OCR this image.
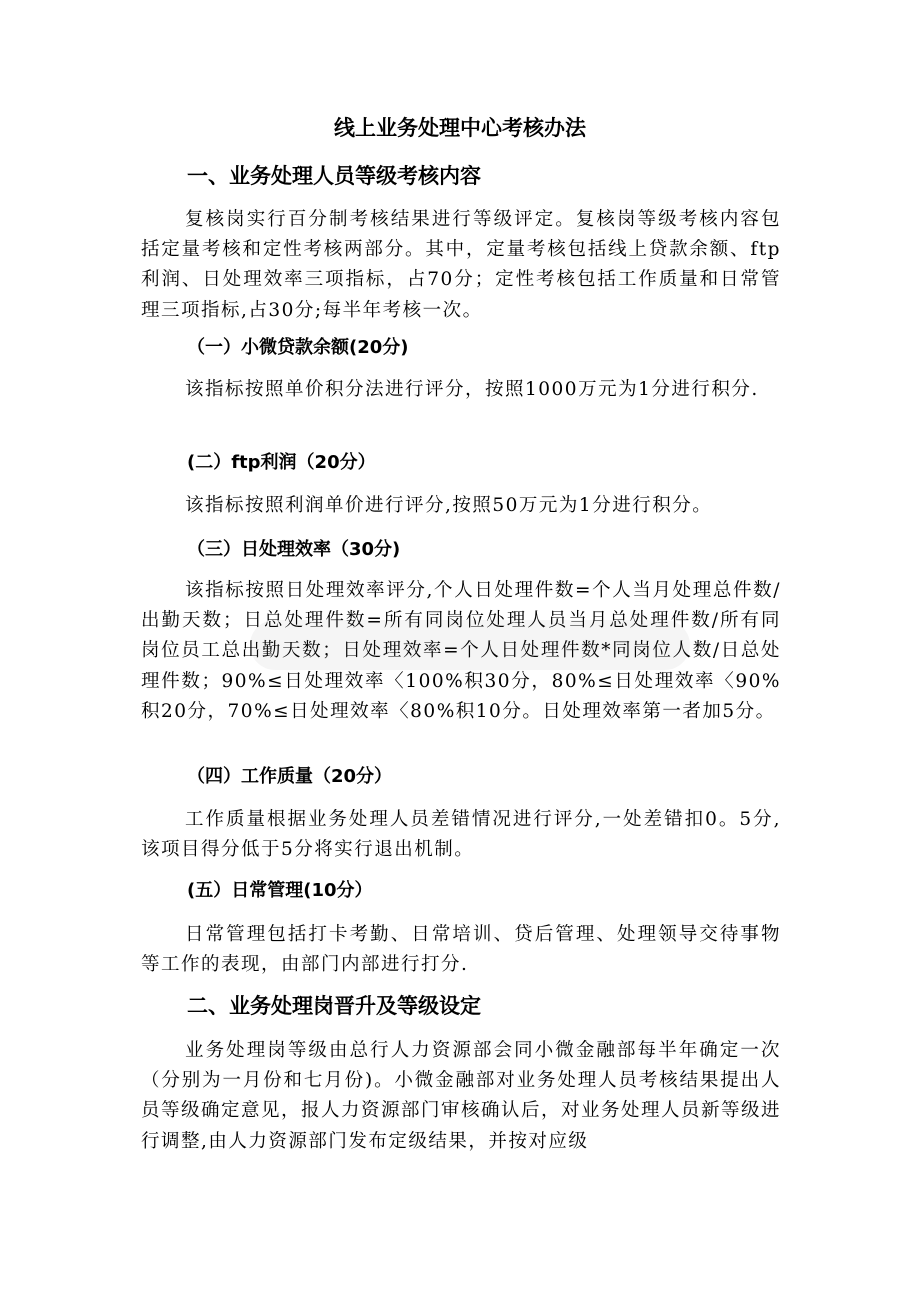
线上业务处理中心考核办法
一、业务处理人员等级考核内容

复核岗实行百分制考核结果进行等级评定。复核岗等级考核内容包括定量考核和定性考核两部分。其中，定量考核包括线上贷款余额、ftp利润、日处理效率三项指标，占70分；定性考核包括工作质量和日常管理三项指标,占30分;每半年考核一次。

（一）小微贷款余额(20分)

该指标按照单价积分法进行评分，按照1000万元为1分进行积分.

(二）ftp利润（20分）

该指标按照利润单价进行评分,按照50万元为1分进行积分。

（三）日处理效率（30分)

该指标按照日处理效率评分,个人日处理件数=个人当月处理总件数/出勤天数；日总处理件数=所有同岗位处理人员当月总处理件数/所有同岗位员工总出勤天数；日处理效率=个人日处理件数*同岗位人数/日总处理件数；90%≤日处理效率〈100%积30分，80%≤日处理效率〈90%积20分，70%≤日处理效率〈80%积10分。日处理效率第一者加5分。

（四）工作质量（20分）

工作质量根据业务处理人员差错情况进行评分,一处差错扣0。5分,该项目得分低于5分将实行退出机制。

(五）日常管理(10分）

日常管理包括打卡考勤、日常培训、贷后管理、处理领导交待事物等工作的表现，由部门内部进行打分.

二、业务处理岗晋升及等级设定

业务处理岗等级由总行人力资源部会同小微金融部每半年确定一次（分别为一月份和七月份)。小微金融部对业务处理人员考核结果提出人员等级确定意见，报人力资源部门审核确认后，对业务处理人员新等级进行调整,由人力资源部门发布定级结果，并按对应级
